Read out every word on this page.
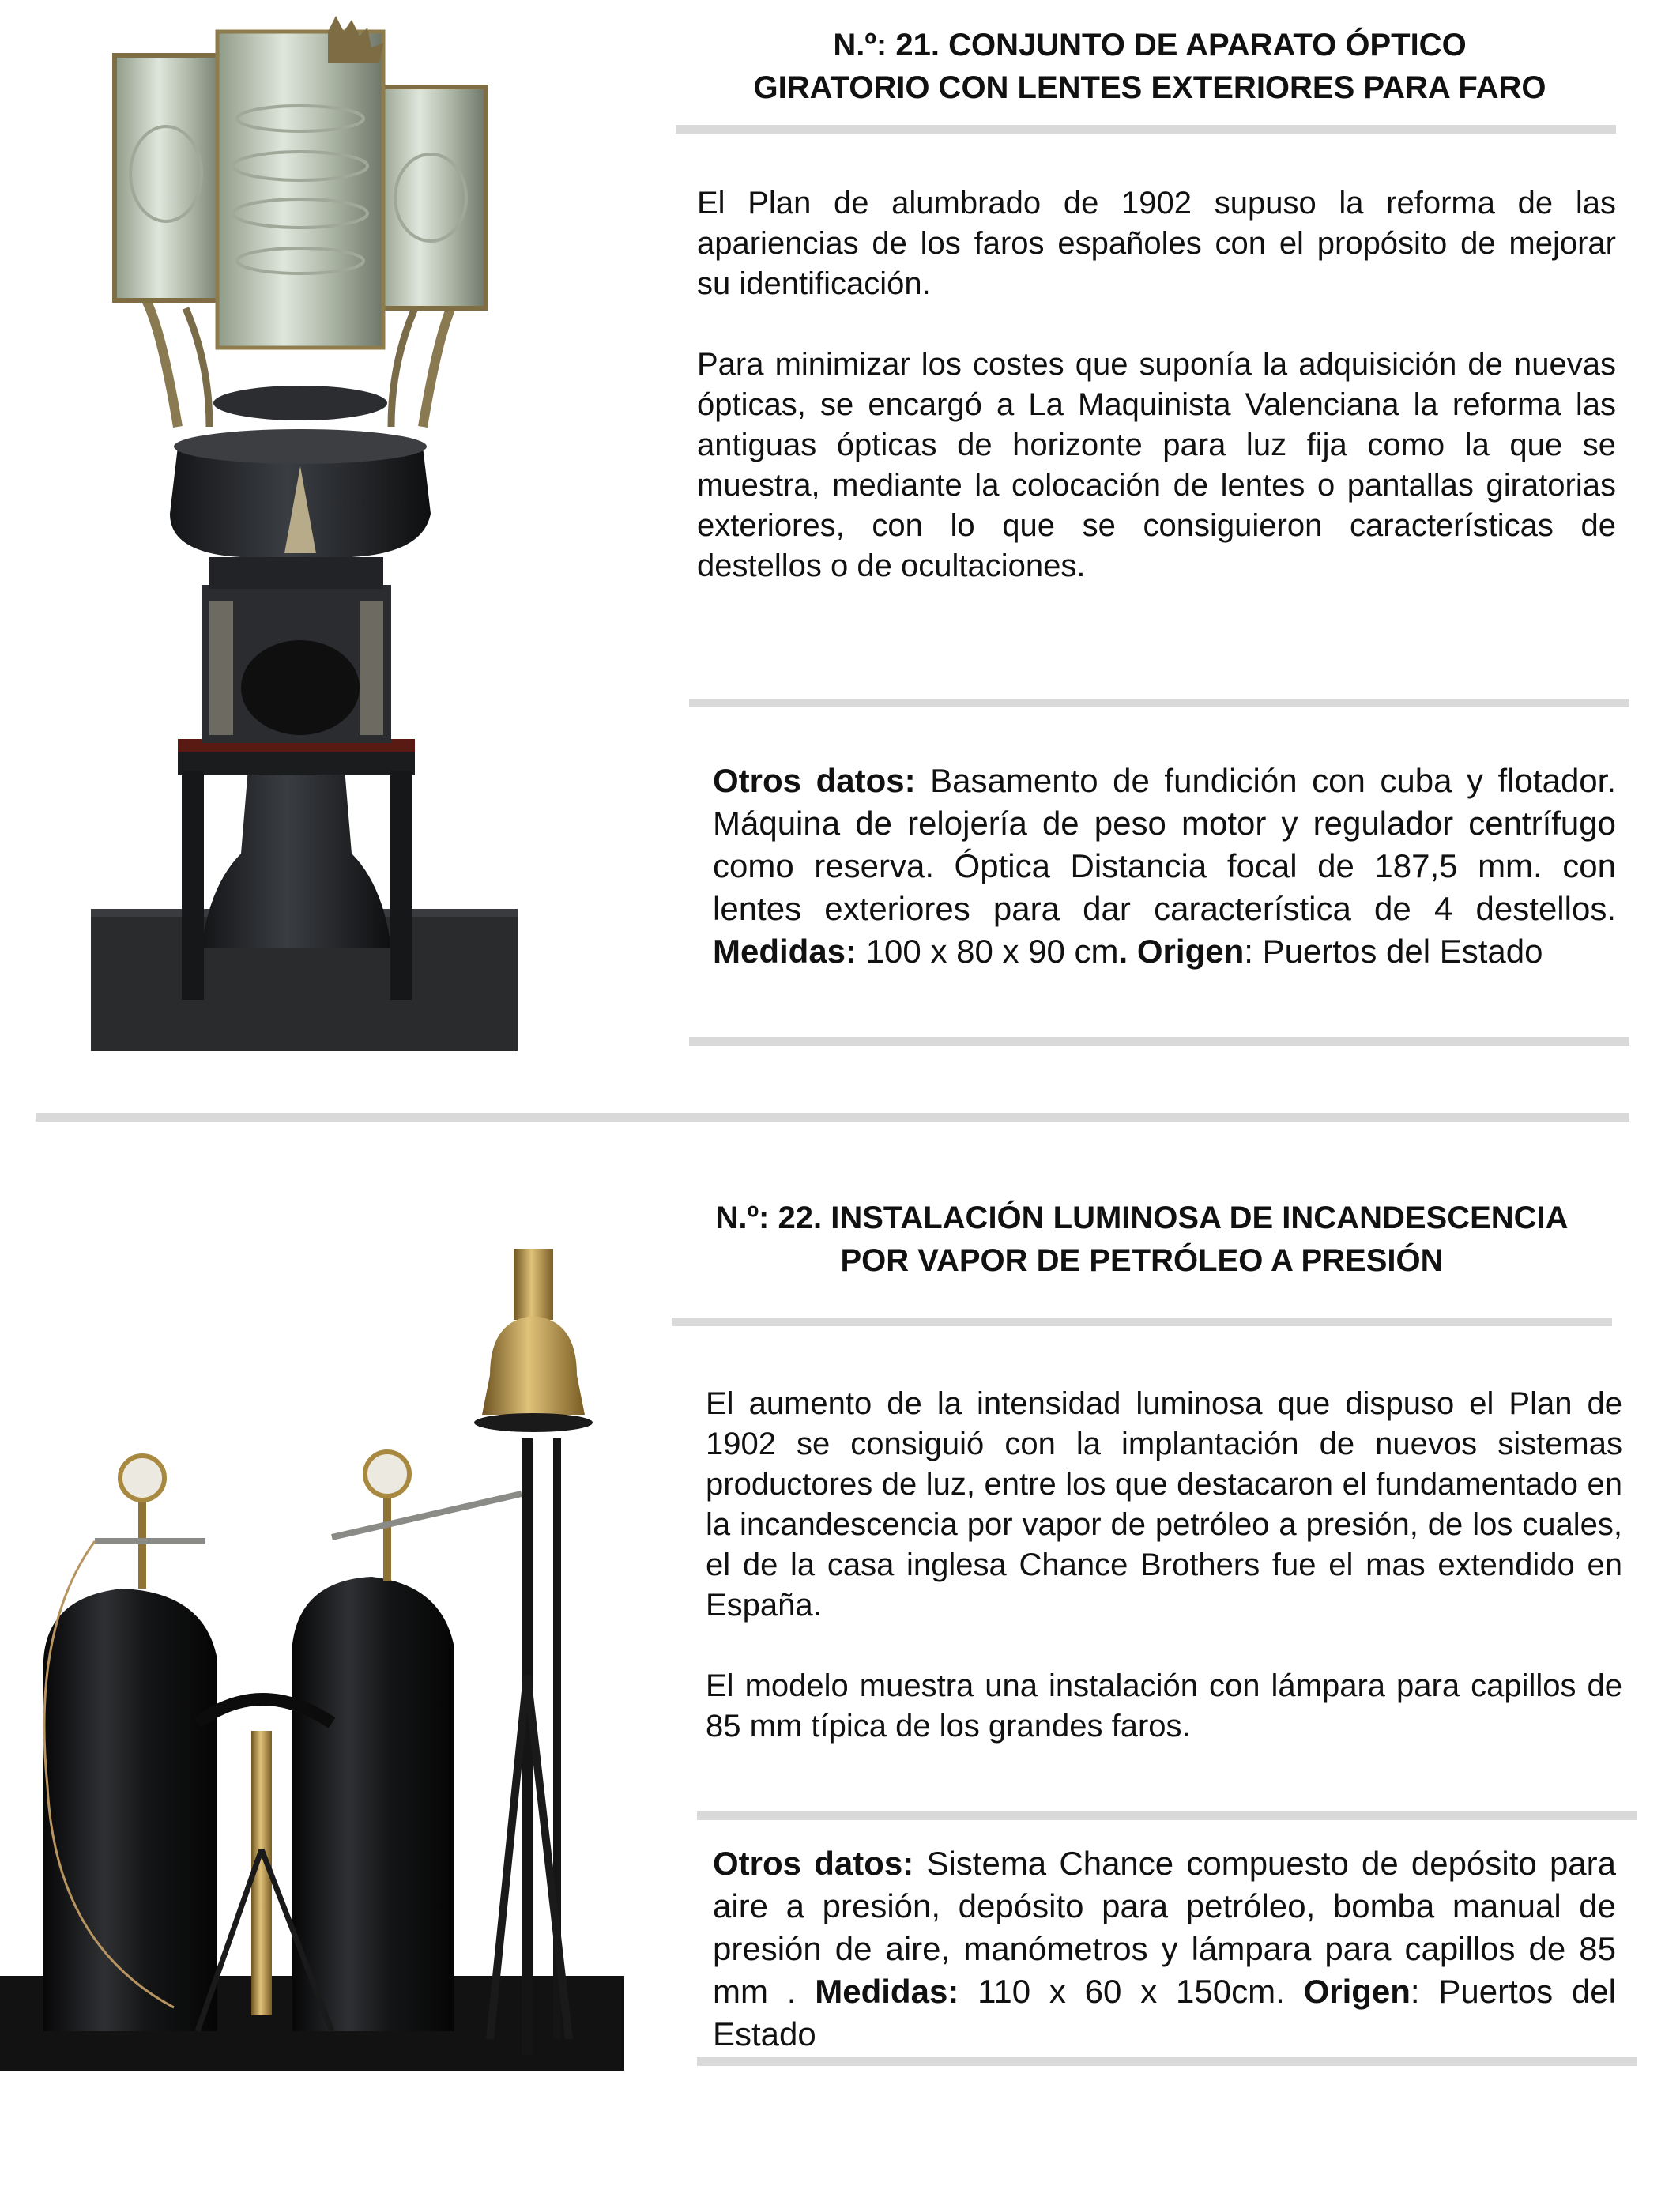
N.º: 21. CONJUNTO DE APARATO ÓPTICO
GIRATORIO CON LENTES EXTERIORES PARA FARO

El Plan de alumbrado de 1902 supuso la reforma de las apariencias de los faros españoles con el propósito de mejorar su identificación.

Para minimizar los costes que suponía la adquisición de nuevas ópticas, se encargó a La Maquinista Valenciana la reforma las antiguas ópticas de horizonte para luz fija como la que se muestra, mediante la colocación de lentes o pantallas giratorias exteriores, con lo que se consiguieron características de destellos o de ocultaciones.

Otros datos: Basamento de fundición con cuba y flotador. Máquina de relojería de peso motor y regulador centrífugo como reserva. Óptica Distancia focal de 187,5 mm. con lentes exteriores para dar característica de 4 destellos. Medidas: 100 x 80 x 90 cm. Origen: Puertos del Estado
N.º: 22. INSTALACIÓN LUMINOSA DE INCANDESCENCIA
POR VAPOR DE PETRÓLEO A PRESIÓN

El aumento de la intensidad luminosa que dispuso el Plan de 1902 se consiguió con la implantación de nuevos sistemas productores de luz, entre los que destacaron el fundamentado en la incandescencia por vapor de petróleo a presión, de los cuales, el de la casa inglesa Chance Brothers fue el mas extendido en España.

El modelo muestra una instalación con lámpara para capillos de 85 mm típica de los grandes faros.

Otros datos: Sistema Chance compuesto de depósito para aire a presión, depósito para petróleo, bomba manual de presión de aire, manómetros y lámpara para capillos de 85 mm . Medidas: 110 x 60 x 150cm. Origen: Puertos del Estado
